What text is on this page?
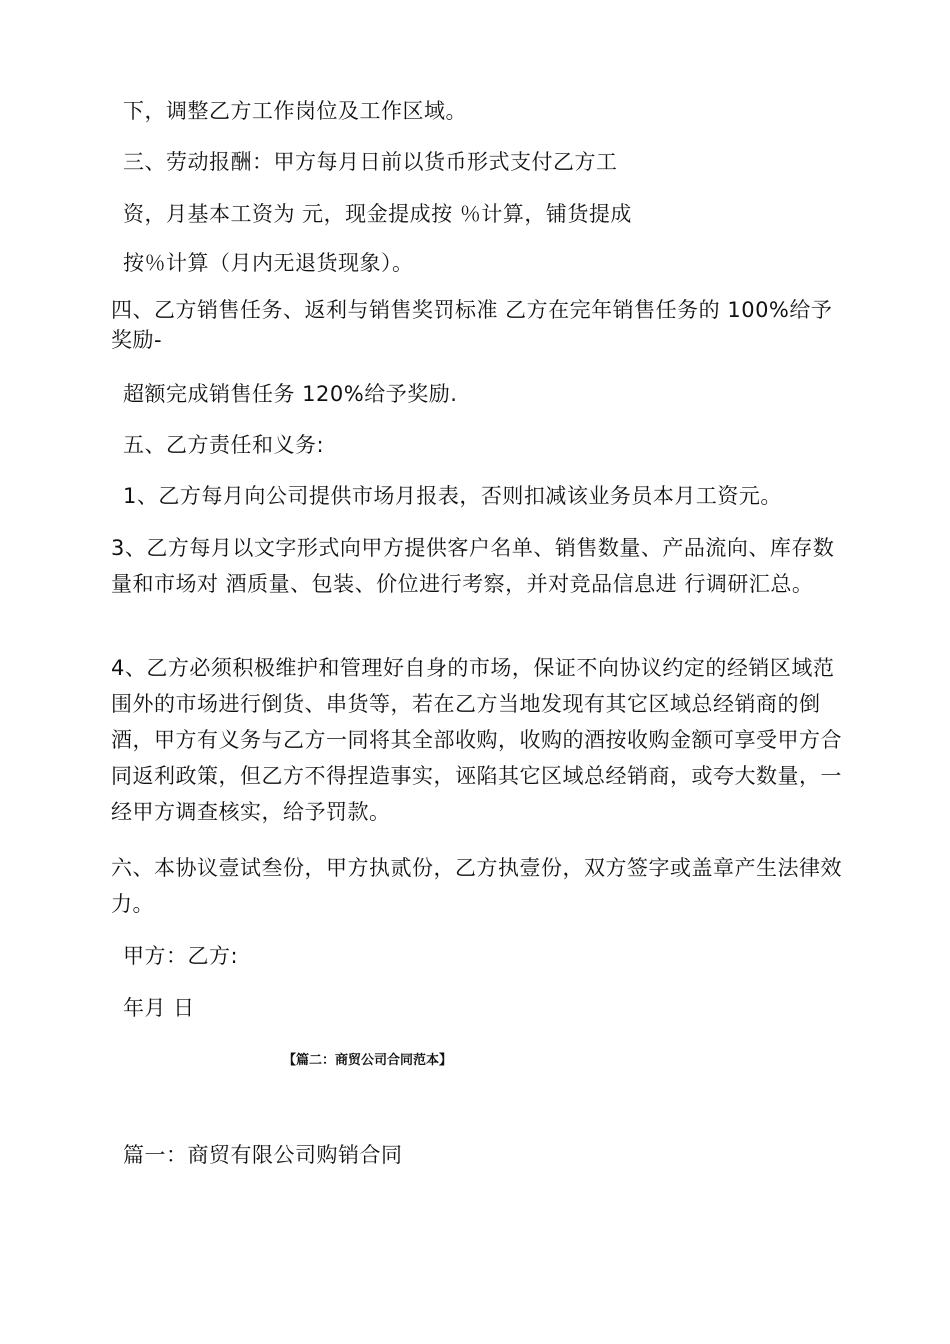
下，调整乙方工作岗位及工作区域。
三、劳动报酬：甲方每月日前以货币形式支付乙方工
资，月基本工资为 元，现金提成按 ％计算，铺货提成
按％计算（月内无退货现象）。
四、乙方销售任务、返利与销售奖罚标准 乙方在完年销售任务的 100%给予奖励-
超额完成销售任务 120%给予奖励.
五、乙方责任和义务:
1、乙方每月向公司提供市场月报表，否则扣减该业务员本月工资元。
3、乙方每月以文字形式向甲方提供客户名单、销售数量、产品流向、库存数量和市场对 酒质量、包装、价位进行考察，并对竞品信息进 行调研汇总。
4、乙方必须积极维护和管理好自身的市场，保证不向协议约定的经销区域范围外的市场进行倒货、串货等，若在乙方当地发现有其它区域总经销商的倒酒，甲方有义务与乙方一同将其全部收购，收购的酒按收购金额可享受甲方合同返利政策，但乙方不得捏造事实，诬陷其它区域总经销商，或夸大数量，一经甲方调查核实，给予罚款。
六、本协议壹试叁份，甲方执贰份，乙方执壹份，双方签字或盖章产生法律效力。
甲方：乙方:
年月 日
【篇二：商贸公司合同范本】
篇一：商贸有限公司购销合同
